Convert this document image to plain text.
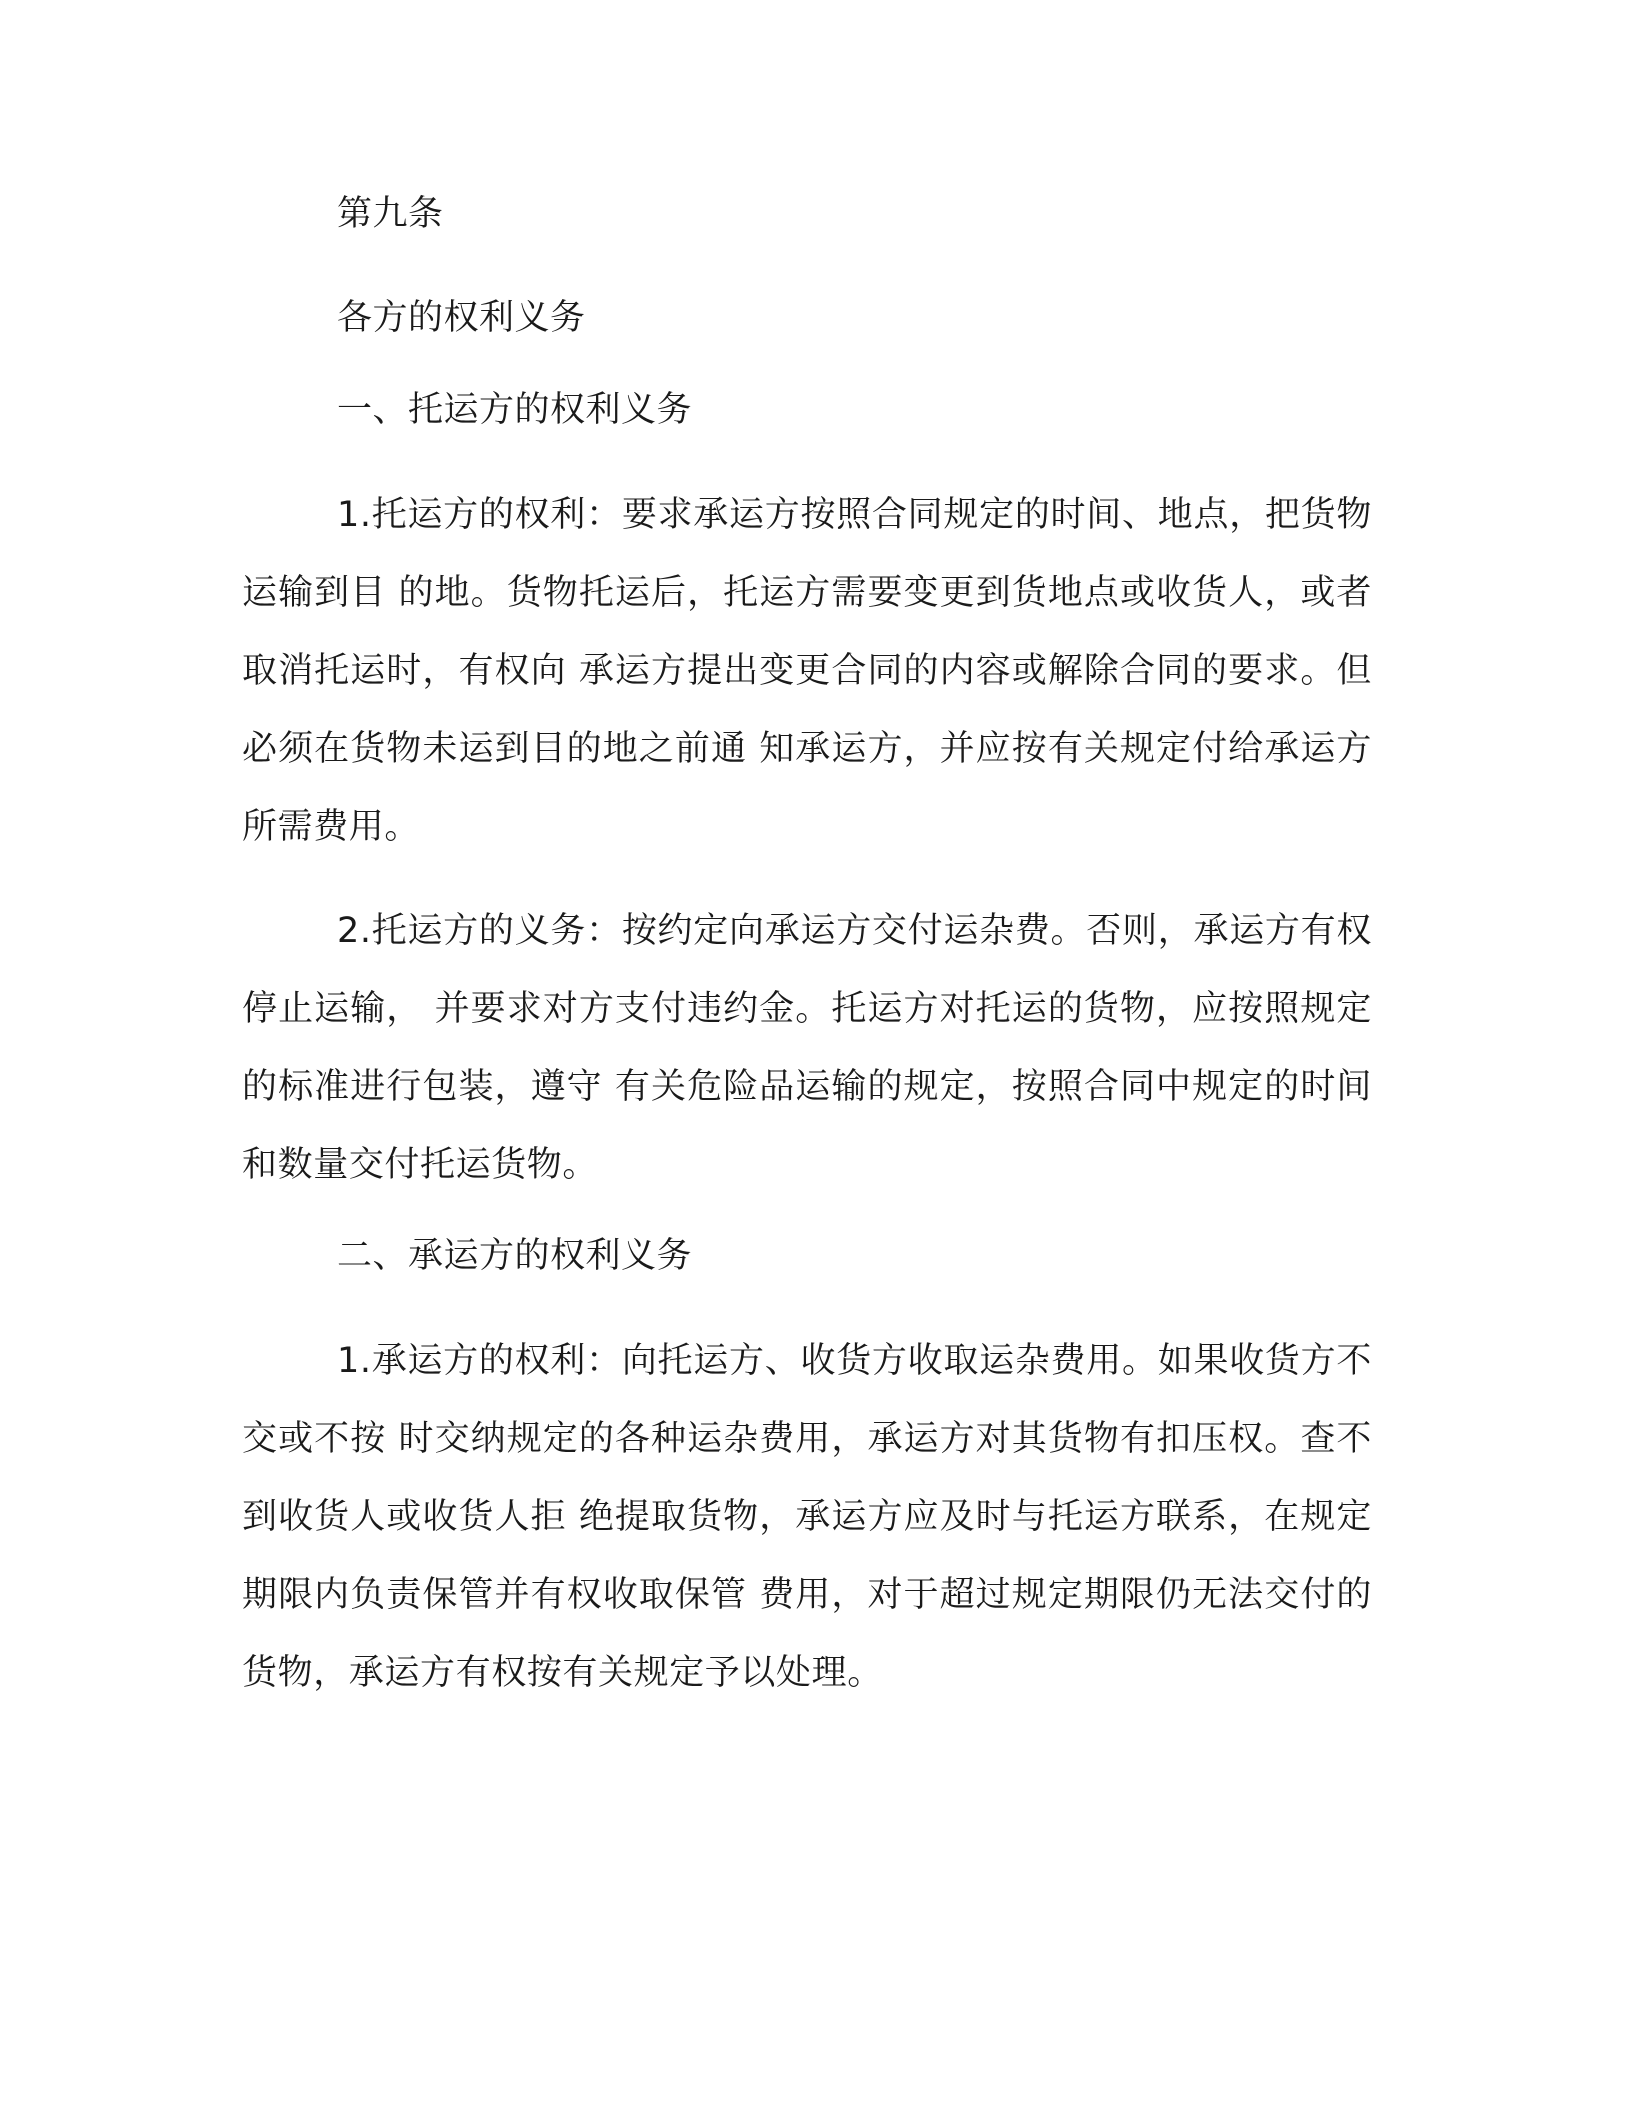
第九条
各方的权利义务
一、托运方的权利义务

1.托运方的权利：要求承运方按照合同规定的时间、地点，把货物运输到目 的地。货物托运后，托运方需要变更到货地点或收货人，或者取消托运时，有权向 承运方提出变更合同的内容或解除合同的要求。但必须在货物未运到目的地之前通 知承运方，并应按有关规定付给承运方所需费用。

2.托运方的义务：按约定向承运方交付运杂费。否则，承运方有权停止运输， 并要求对方支付违约金。托运方对托运的货物，应按照规定的标准进行包装，遵守 有关危险品运输的规定，按照合同中规定的时间和数量交付托运货物。

二、承运方的权利义务

1.承运方的权利：向托运方、收货方收取运杂费用。如果收货方不交或不按 时交纳规定的各种运杂费用，承运方对其货物有扣压权。查不到收货人或收货人拒 绝提取货物，承运方应及时与托运方联系，在规定期限内负责保管并有权收取保管 费用，对于超过规定期限仍无法交付的货物，承运方有权按有关规定予以处理。
